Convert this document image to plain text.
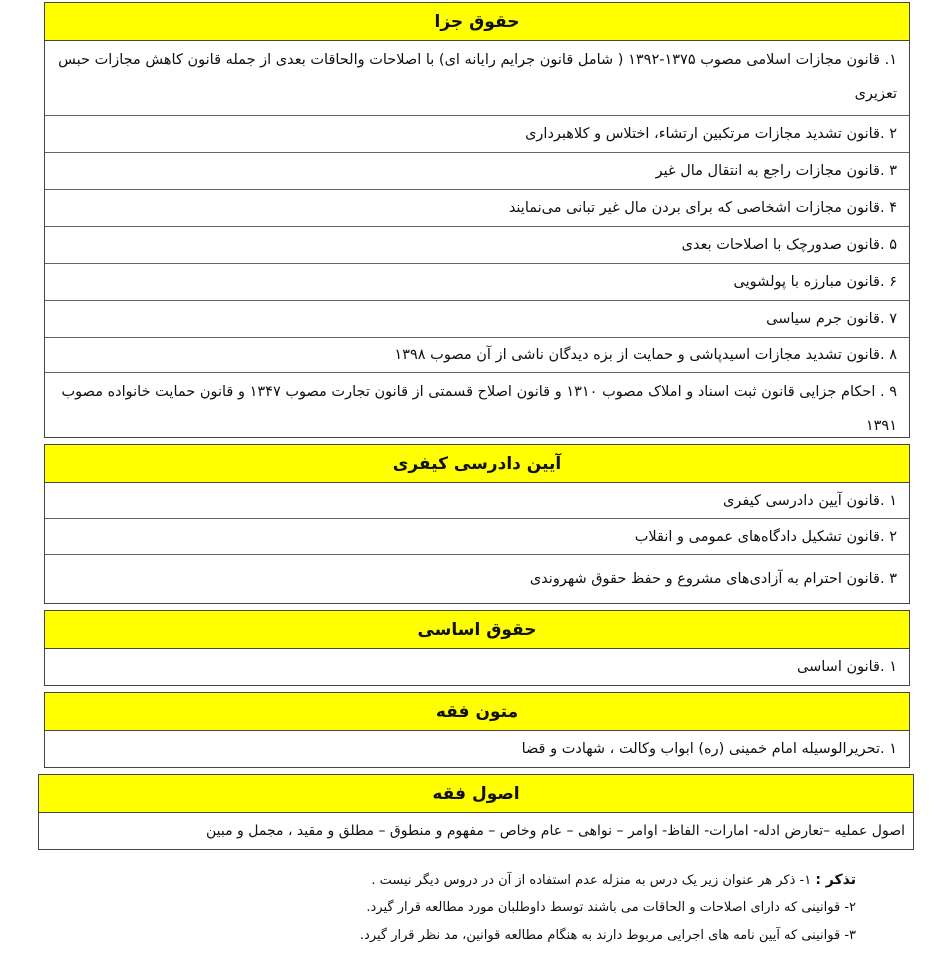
حقوق جزا
۱. قانون مجازات اسلامی مصوب ۱۳۷۵-۱۳۹۲ ( شامل قانون جرایم رایانه ای) با اصلاحات والحاقات بعدی از جمله قانون کاهش مجازات حبس تعزیری
۲ .قانون تشدید مجازات مرتکبین ارتشاء، اختلاس و کلاهبرداری
۳ .قانون مجازات راجع به انتقال مال غیر
۴ .قانون مجازات اشخاصی که برای بردن مال غیر تبانی می‌نمایند
۵ .قانون صدورچک با اصلاحات بعدی
۶ .قانون مبارزه با پولشویی
۷ .قانون جرم سیاسی
۸ .قانون تشدید مجازات اسیدپاشی و حمایت از بزه دیدگان ناشی از آن مصوب ۱۳۹۸
۹ . احکام جزایی قانون ثبت اسناد و املاک مصوب ۱۳۱۰ و قانون اصلاح قسمتی از قانون تجارت مصوب ۱۳۴۷ و قانون حمایت خانواده مصوب ۱۳۹۱
آیین دادرسی کیفری
۱ .قانون آیین دادرسی کیفری
۲ .قانون تشکیل دادگاه‌های عمومی و انقلاب
۳ .قانون احترام به آزادی‌های مشروع و حفظ حقوق شهروندی
حقوق اساسی
۱ .قانون اساسی
متون فقه
۱ .تحریرالوسیله امام خمینی (ره) ابواب وکالت ، شهادت و قضا
اصول فقه
اصول عملیه –تعارض ادله- امارات- الفاظ- اوامر – نواهی – عام وخاص – مفهوم و منطوق – مطلق و مقید ، مجمل و مبین
تذکر : ۱- ذکر هر عنوان زیر یک درس به منزله عدم استفاده از آن در دروس دیگر نیست .
۲- قوانینی که دارای اصلاحات و الحاقات می باشند توسط داوطلبان مورد مطالعه قرار گیرد.
۳- قوانینی که آیین نامه های اجرایی مربوط دارند به هنگام مطالعه قوانین، مد نظر قرار گیرد.
